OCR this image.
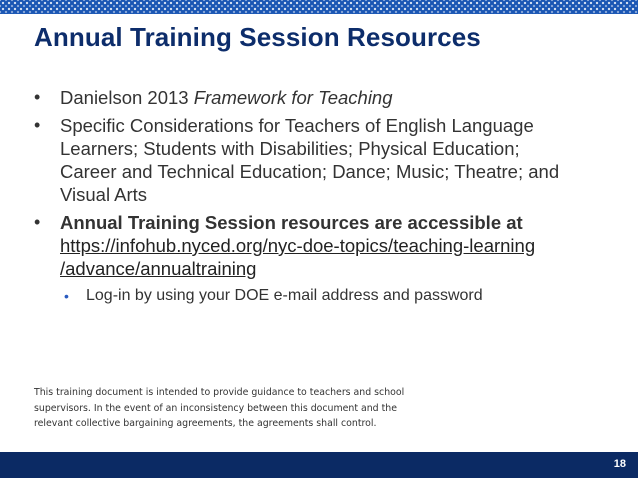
Annual Training Session Resources
• Danielson 2013 Framework for Teaching
• Specific Considerations for Teachers of English Language Learners; Students with Disabilities; Physical Education; Career and Technical Education; Dance; Music; Theatre; and Visual Arts
• Annual Training Session resources are accessible at
https://infohub.nyced.org/nyc-doe-topics/teaching-learning
/advance/annualtraining
• Log-in by using your DOE e-mail address and password
This training document is intended to provide guidance to teachers and school supervisors. In the event of an inconsistency between this document and the relevant collective bargaining agreements, the agreements shall control.
18
